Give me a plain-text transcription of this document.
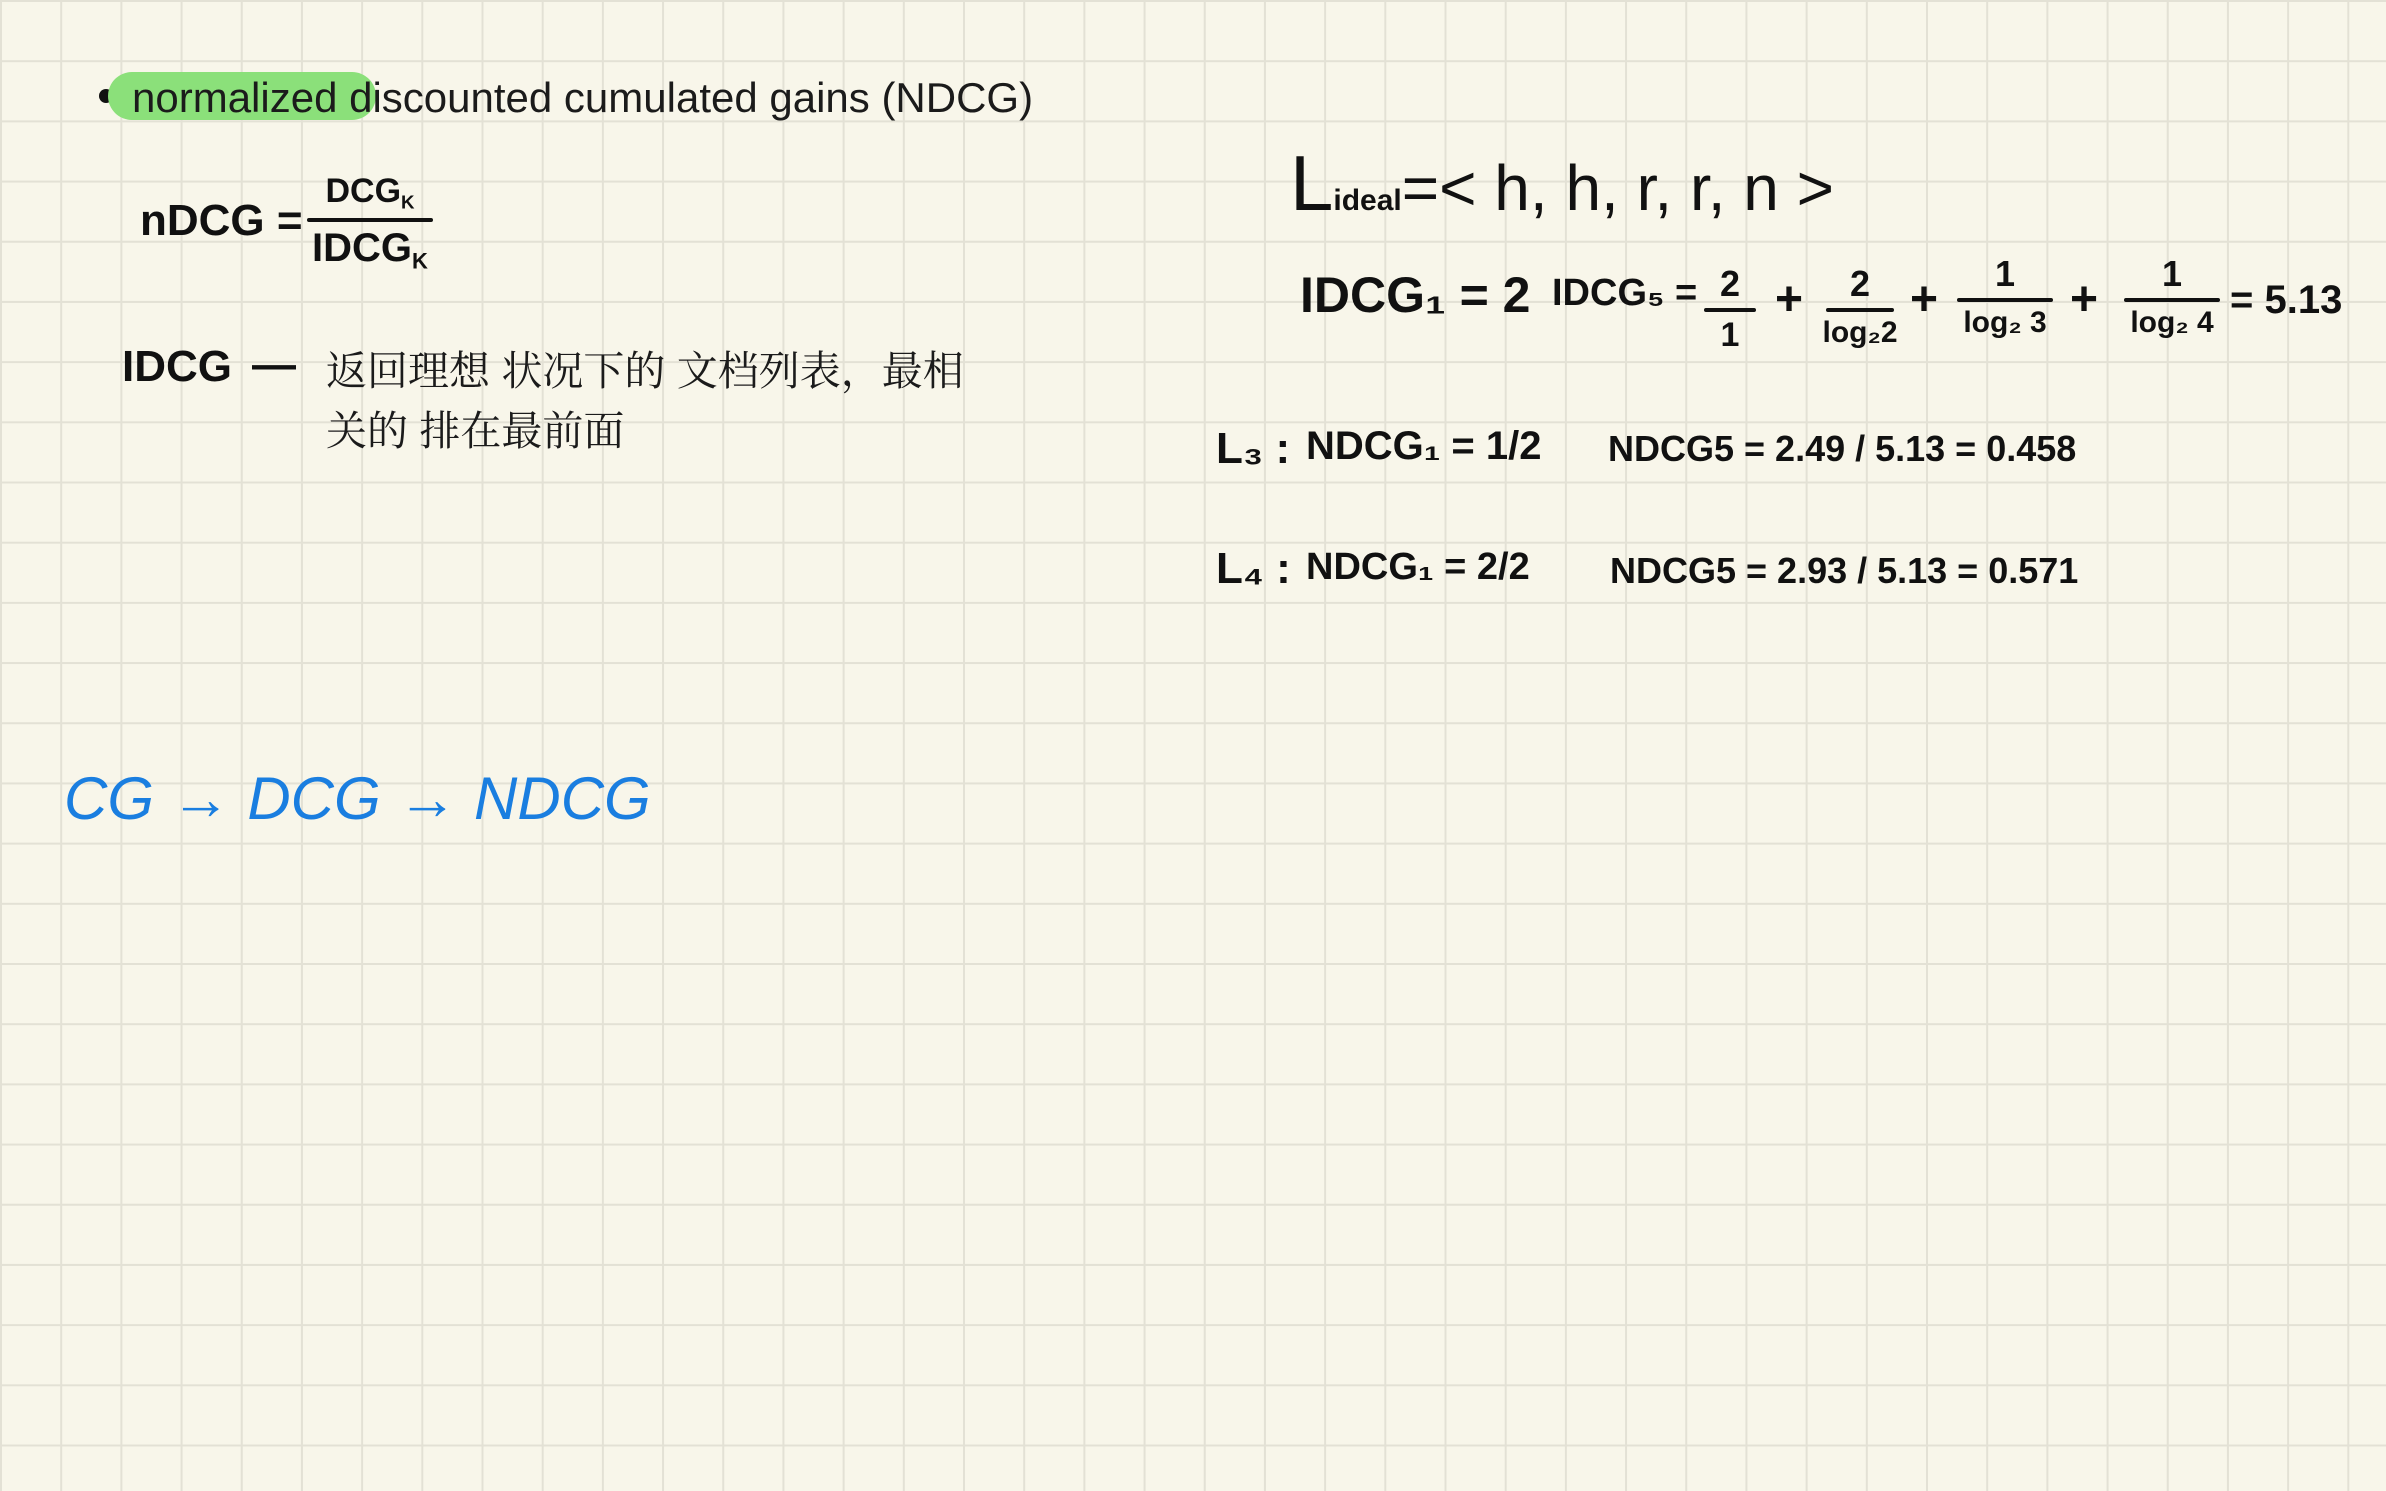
normalized discounted cumulated gains (NDCG)
nDCG =
$DCG_K$
$IDCG_K$
IDCG — 返回理想 状况下的 文档列表，最相
关的 排在最前面
CG → DCG → NDCG
Lideal=< h, h, r, r, n >
IDCG₁ = 2 IDCG₅ = 2
1
+ 2
log₂2
+ 1
log₂ 3 + 1
log₂ 4
= 5.13
L₃ : NDCG₁ = 1/2 NDCG5 = 2.49 / 5.13 = 0.458
L₄ : NDCG₁ = 2/2 NDCG5 = 2.93 / 5.13 = 0.571
